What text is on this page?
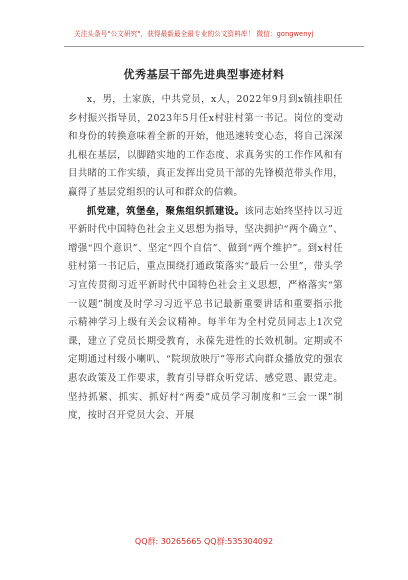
关注头条号"公文研究"，获得最新最全最专业的公文资料库！ 微信：gongwenyj
优秀基层干部先进典型事迹材料

x，男，土家族，中共党员，x人，2022年9月到x镇挂职任乡村振兴指导员，2023年5月任x村驻村第一书记。岗位的变动和身份的转换意味着全新的开始，他迅速转变心态，将自己深深扎根在基层，以脚踏实地的工作态度、求真务实的工作作风和有目共睹的工作实绩，真正发挥出党员干部的先锋模范带头作用，赢得了基层党组织的认可和群众的信赖。

抓党建，筑堡垒，聚焦组织抓建设。该同志始终坚持以习近平新时代中国特色社会主义思想为指导，坚决拥护“两个确立”、增强“四个意识”、坚定“四个自信”、做到“两个维护”。到x村任驻村第一书记后，重点围绕打通政策落实“最后一公里”，带头学习宣传贯彻习近平新时代中国特色社会主义思想，严格落实“第一议题”制度及时学习习近平总书记最新重要讲话和重要指示批示精神学习上级有关会议精神。每半年为全村党员同志上1次党课，建立了党员长期受教育，永葆先进性的长效机制。定期或不定期通过村级小喇叭、“院坝放映厅”等形式向群众播放党的强农惠农政策及工作要求，教育引导群众听党话、感党恩、跟党走。坚持抓紧、抓实、抓好村“两委”成员学习制度和“三会一课”制度，按时召开党员大会、开展

QQ群: 30265665 QQ群:535304092
